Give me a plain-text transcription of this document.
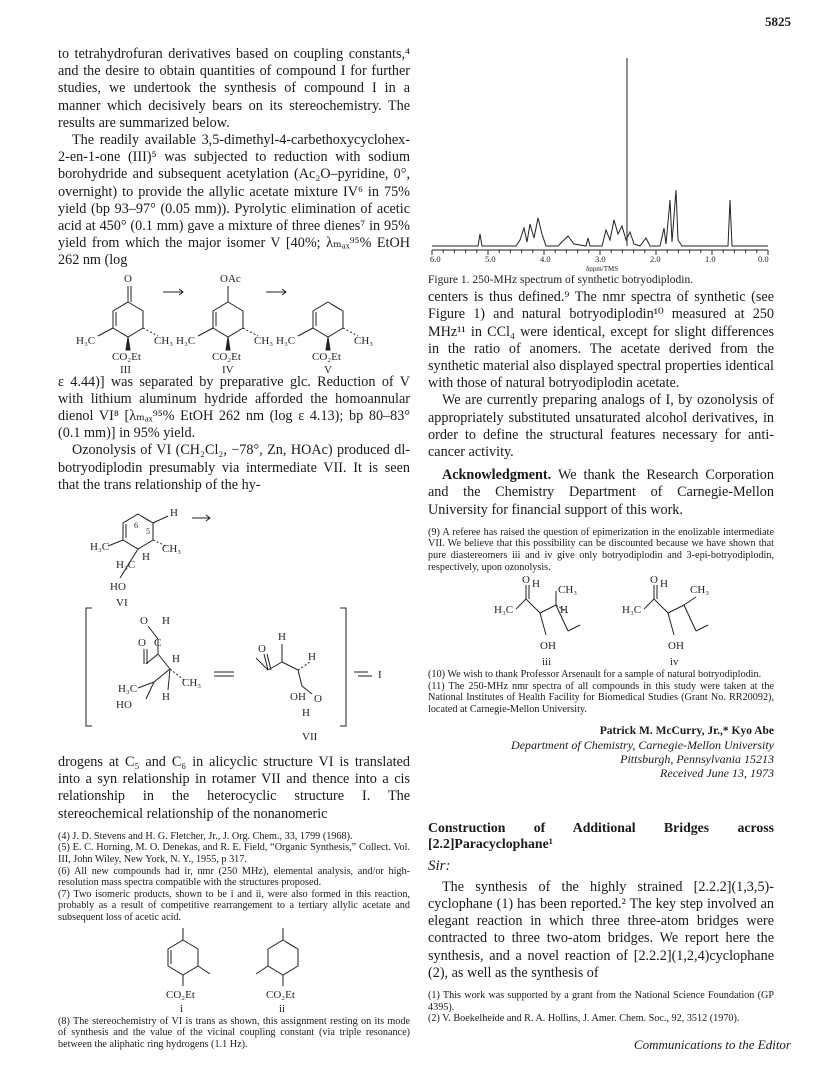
5825

to tetrahydrofuran derivatives based on coupling constants,⁴ and the desire to obtain quantities of compound I for further studies, we undertook the synthesis of compound I in a manner which decisively bears on its stereochemistry. The results are summarized below.

The readily available 3,5-dimethyl-4-carbethoxycyclohex-2-en-1-one (III)⁵ was subjected to reduction with sodium borohydride and subsequent acetylation (Ac₂O–pyridine, 0°, overnight) to provide the allylic acetate mixture IV⁶ in 75% yield (bp 93–97° (0.05 mm)). Pyrolytic elimination of acetic acid at 450° (0.1 mm) gave a mixture of three dienes⁷ in 95% yield from which the major isomer V [40%; λₘₐₓ⁹⁵% EtOH 262 nm (log

O	OAc
H₃C	CH₃
CO₂Et
H₃C	CH₃
CO₂Et
H₃C	CH₃
CO₂Et
III	IV	V

ε 4.44)] was separated by preparative glc. Reduction of V with lithium aluminum hydride afforded the homoannular dienol VI⁸ [λₘₐₓ⁹⁵% EtOH 262 nm (log ε 4.13); bp 80–83° (0.1 mm)] in 95% yield.

Ozonolysis of VI (CH₂Cl₂, −78°, Zn, HOAc) produced dl-botryodiplodin presumably via intermediate VII. It is seen that the trans relationship of the hy-

H
6
5
H₃C	CH₃
H
H₃C
HO
VI
O H
C
O
H
H₃C	CH₃
H
HO
O
H
H
OH O
H
I
VII

drogens at C₅ and C₆ in alicyclic structure VI is translated into a syn relationship in rotamer VII and thence into a cis relationship in the heterocyclic structure I. The stereochemical relationship of the nonanomeric

(4) J. D. Stevens and H. G. Fletcher, Jr., J. Org. Chem., 33, 1799 (1968).

(5) E. C. Horning, M. O. Denekas, and R. E. Field, “Organic Synthesis,” Collect. Vol. III, John Wiley, New York, N. Y., 1955, p 317.

(6) All new compounds had ir, nmr (250 MHz), elemental analysis, and/or high-resolution mass spectra compatible with the structures proposed.

(7) Two isomeric products, shown to be i and ii, were also formed in this reaction, probably as a result of competitive rearrangement to a tertiary allylic acetate and subsequent loss of acetic acid.

CO₂Et	CO₂Et
i	ii

(8) The stereochemistry of VI is trans as shown, this assignment resting on its mode of synthesis and the value of the vicinal coupling constant (via triple resonance) between the aliphatic ring hydrogens (1.1 Hz).

6.0	5.0	4.0	3.0	2.0	1.0	0.0
δppm/TMS

Figure 1. 250-MHz spectrum of synthetic botryodiplodin.

centers is thus defined.⁹ The nmr spectra of synthetic (see Figure 1) and natural botryodiplodin¹⁰ measured at 250 MHz¹¹ in CCl₄ were identical, except for slight differences in the ratio of anomers. The acetate derived from the synthetic material also displayed spectral properties identical with those of natural botryodiplodin acetate.

We are currently preparing analogs of I, by ozonolysis of appropriately substituted unsaturated alcohol derivatives, in order to define the structural features necessary for anti-cancer activity.

Acknowledgment. We thank the Research Corporation and the Chemistry Department of Carnegie-Mellon University for financial support of this work.

(9) A referee has raised the question of epimerization in the enolizable intermediate VII. We believe that this possibility can be discounted because we have shown that pure diastereomers iii and iv give only botryodiplodin and 3-epi-botryodiplodin, respectively, upon ozonolysis.

O H CH₃
H
H₃C
OH
O H CH₃
H₃C
OH
iii	iv

(10) We wish to thank Professor Arsenault for a sample of natural botryodiplodin.

(11) The 250-MHz nmr spectra of all compounds in this study were taken at the National Institutes of Health Facility for Biomedical Studies (Grant No. RR20092), located at Carnegie-Mellon University.

Patrick M. McCurry, Jr.,* Kyo Abe
Department of Chemistry, Carnegie-Mellon University
Pittsburgh, Pennsylvania 15213
Received June 13, 1973
Construction of Additional Bridges across [2.2]Paracyclophane¹
Sir:

The synthesis of the highly strained [2.2.2](1,3,5)-cyclophane (1) has been reported.² The key step involved an elegant reaction in which three three-atom bridges were contracted to three two-atom bridges. We report here the synthesis, and a novel reaction of [2.2.2](1,2,4)cyclophane (2), as well as the synthesis of

(1) This work was supported by a grant from the National Science Foundation (GP 4395).

(2) V. Boekelheide and R. A. Hollins, J. Amer. Chem. Soc., 92, 3512 (1970).

Communications to the Editor
